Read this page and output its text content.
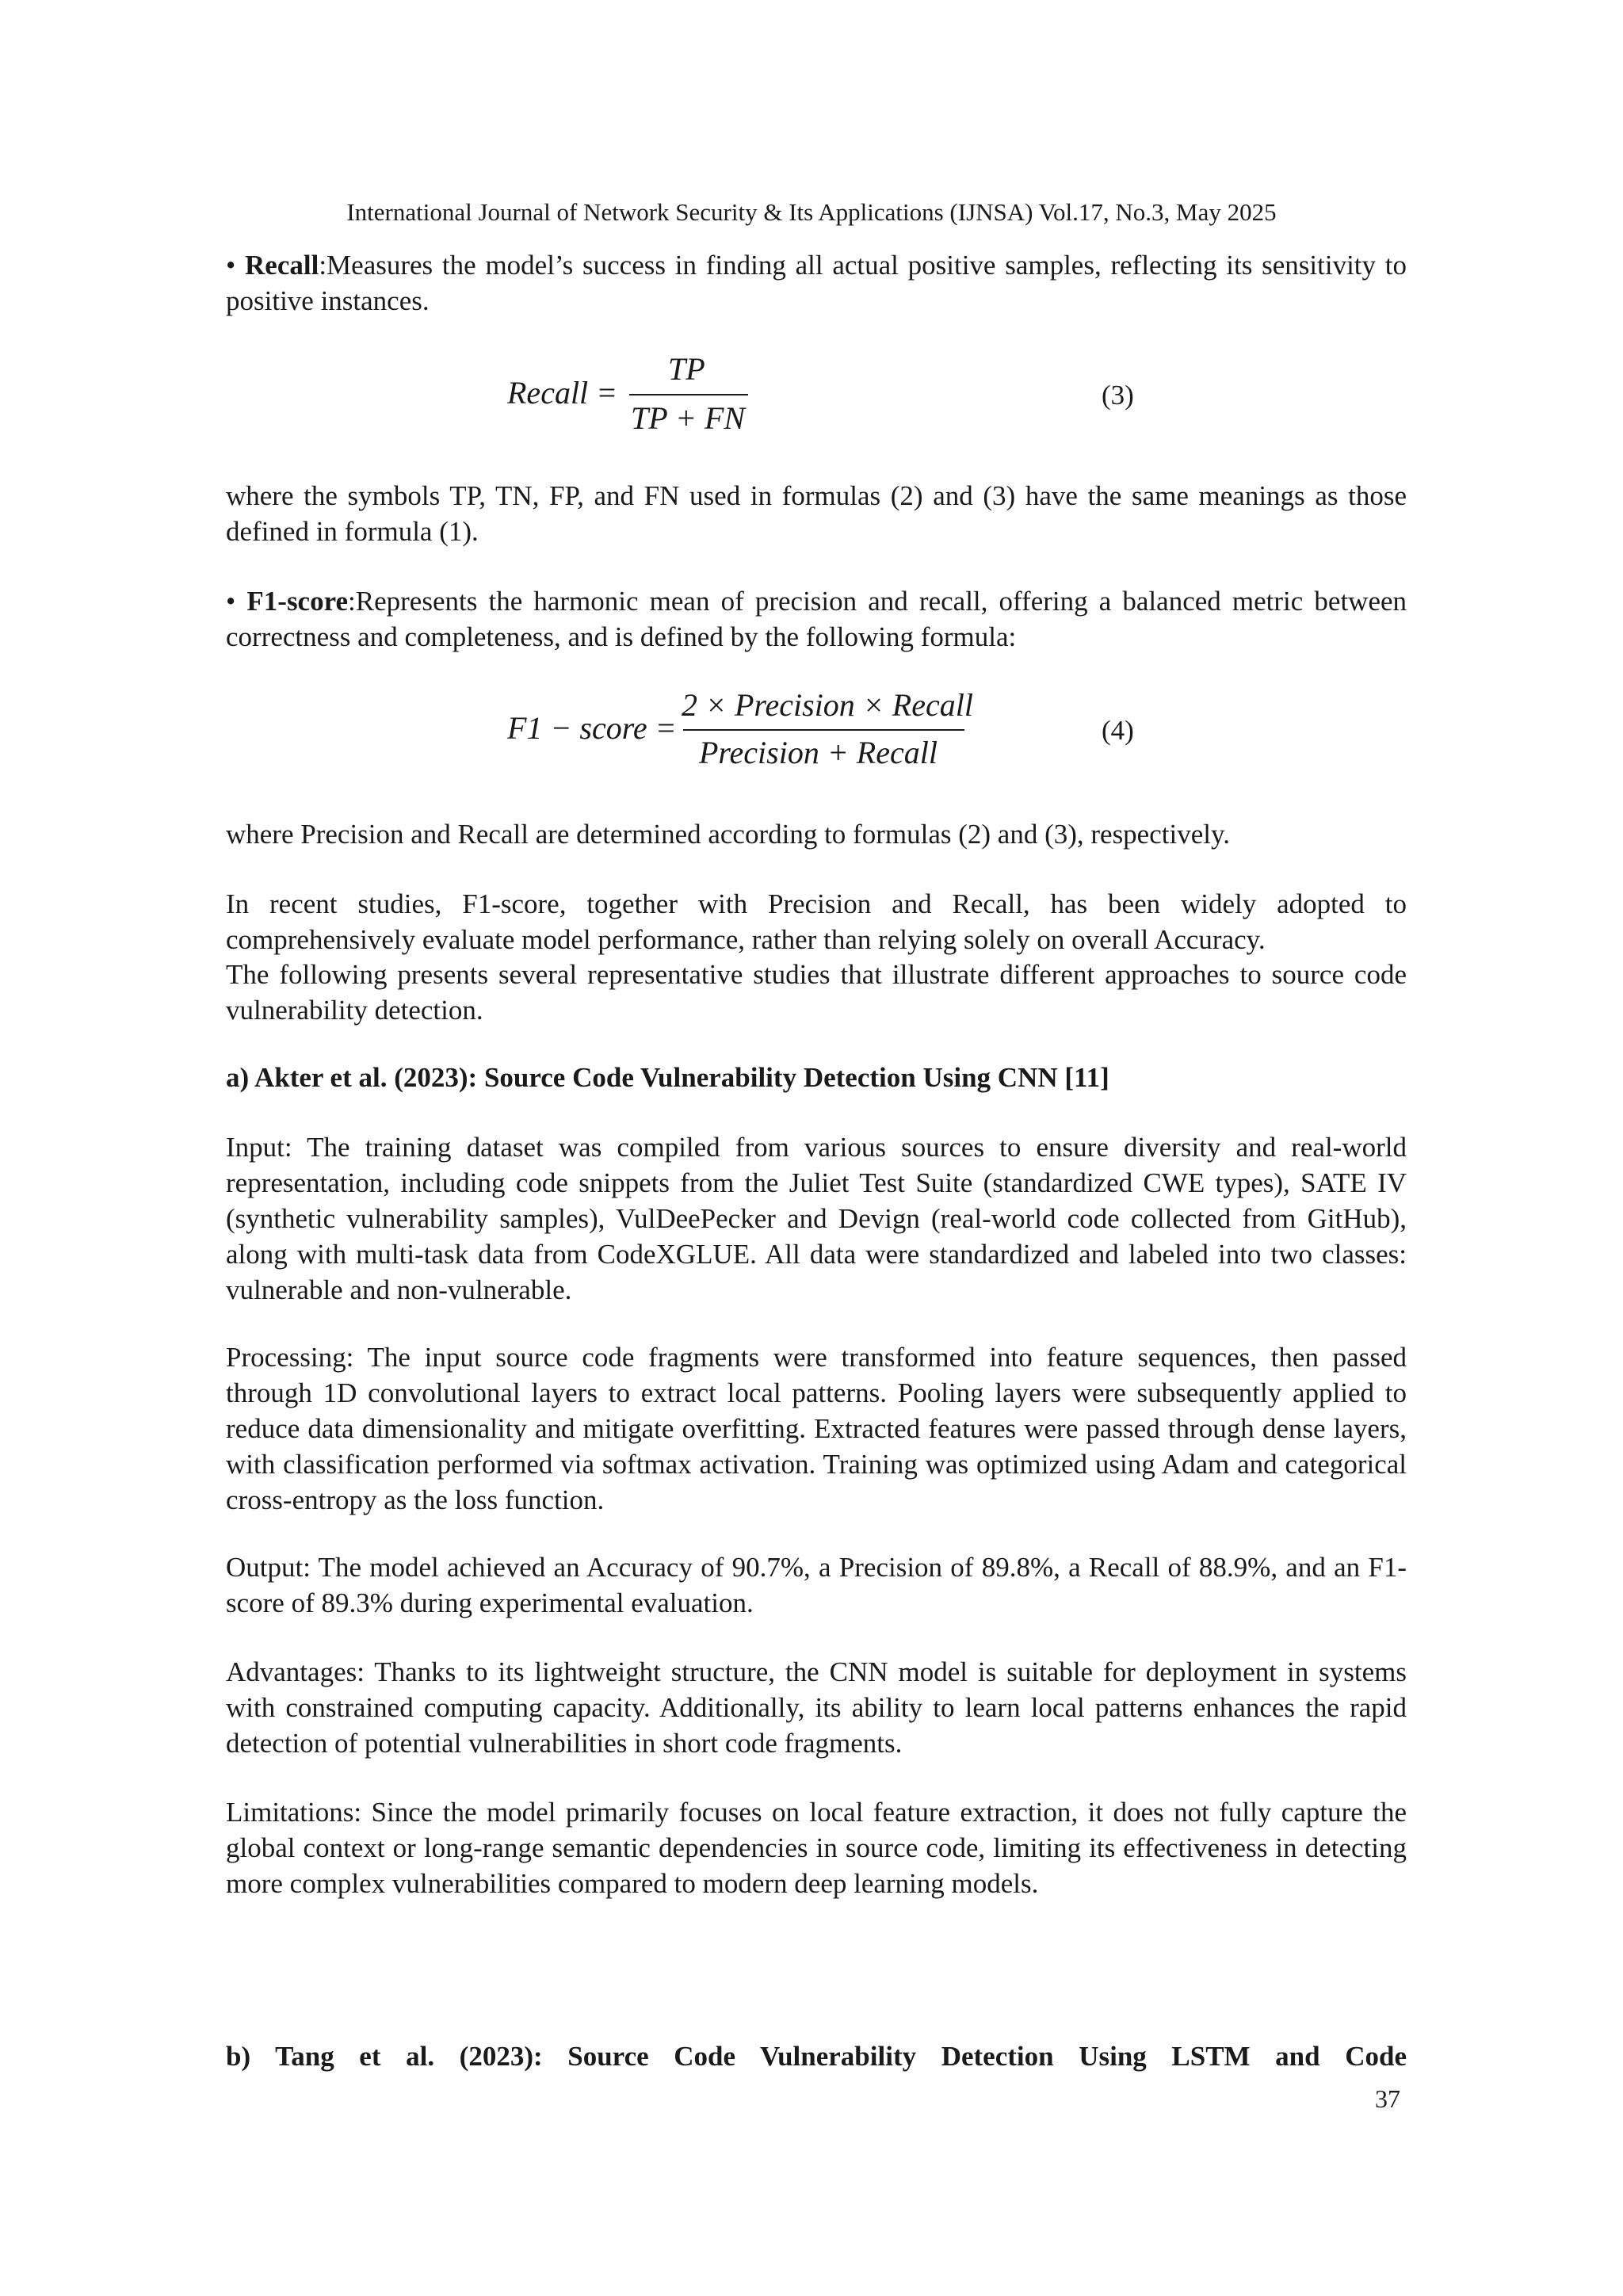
International Journal of Network Security & Its Applications (IJNSA) Vol.17, No.3, May 2025
• Recall:Measures the model’s success in finding all actual positive samples, reflecting its sensitivity to positive instances.
Recall =
TP
TP + FN
(3)
where the symbols TP, TN, FP, and FN used in formulas (2) and (3) have the same meanings as those defined in formula (1).
• F1-score:Represents the harmonic mean of precision and recall, offering a balanced metric between correctness and completeness, and is defined by the following formula:
F1 − score =
2 × Precision × Recall
Precision + Recall
(4)
where Precision and Recall are determined according to formulas (2) and (3), respectively.
In recent studies, F1-score, together with Precision and Recall, has been widely adopted to comprehensively evaluate model performance, rather than relying solely on overall Accuracy.
The following presents several representative studies that illustrate different approaches to source code vulnerability detection.
a) Akter et al. (2023): Source Code Vulnerability Detection Using CNN [11]
Input: The training dataset was compiled from various sources to ensure diversity and real-world representation, including code snippets from the Juliet Test Suite (standardized CWE types), SATE IV (synthetic vulnerability samples), VulDeePecker and Devign (real-world code collected from GitHub), along with multi-task data from CodeXGLUE. All data were standardized and labeled into two classes: vulnerable and non-vulnerable.
Processing: The input source code fragments were transformed into feature sequences, then passed through 1D convolutional layers to extract local patterns. Pooling layers were subsequently applied to reduce data dimensionality and mitigate overfitting. Extracted features were passed through dense layers, with classification performed via softmax activation. Training was optimized using Adam and categorical cross-entropy as the loss function.
Output: The model achieved an Accuracy of 90.7%, a Precision of 89.8%, a Recall of 88.9%, and an F1-score of 89.3% during experimental evaluation.
Advantages: Thanks to its lightweight structure, the CNN model is suitable for deployment in systems with constrained computing capacity. Additionally, its ability to learn local patterns enhances the rapid detection of potential vulnerabilities in short code fragments.
Limitations: Since the model primarily focuses on local feature extraction, it does not fully capture the global context or long-range semantic dependencies in source code, limiting its effectiveness in detecting more complex vulnerabilities compared to modern deep learning models.
b) Tang et al. (2023): Source Code Vulnerability Detection Using LSTM and Code
37
